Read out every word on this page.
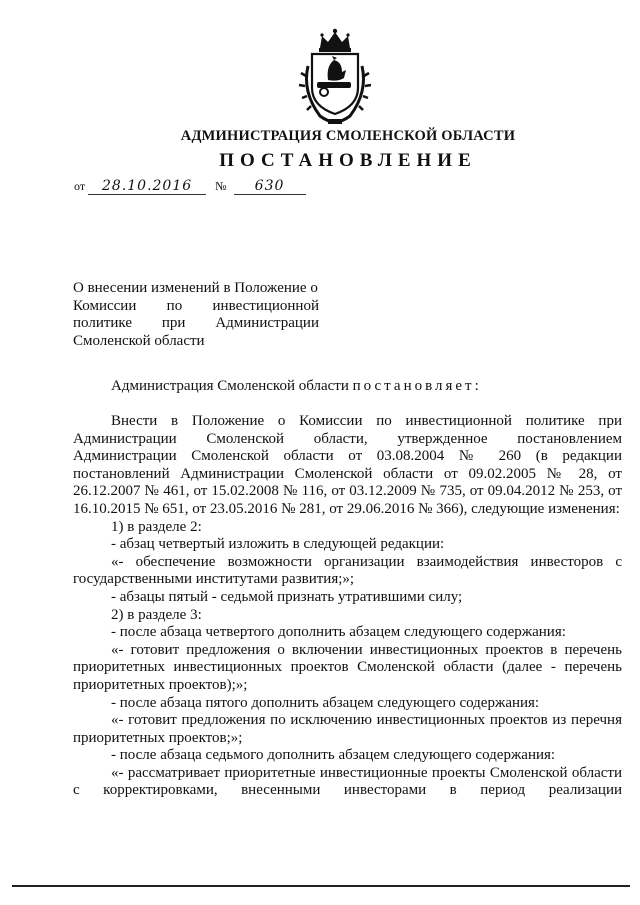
АДМИНИСТРАЦИЯ СМОЛЕНСКОЙ ОБЛАСТИ
ПОСТАНОВЛЕНИЕ
от 28.10.2016 № 630
О внесении изменений в Положение о
Комиссии по инвестиционной
политике при Администрации
Смоленской области
Администрация Смоленской области постановляет:
Внести в Положение о Комиссии по инвестиционной политике при Администрации Смоленской области, утвержденное постановлением Администрации Смоленской области от 03.08.2004 № 260 (в редакции постановлений Администрации Смоленской области от 09.02.2005 № 28, от 26.12.2007 № 461, от 15.02.2008 № 116, от 03.12.2009 № 735, от 09.04.2012 № 253, от 16.10.2015 № 651, от 23.05.2016 № 281, от 29.06.2016 № 366), следующие изменения:
1) в разделе 2:
- абзац четвертый изложить в следующей редакции:
«- обеспечение возможности организации взаимодействия инвесторов с государственными институтами развития;»;
- абзацы пятый - седьмой признать утратившими силу;
2) в разделе 3:
- после абзаца четвертого дополнить абзацем следующего содержания:
«- готовит предложения о включении инвестиционных проектов в перечень приоритетных инвестиционных проектов Смоленской области (далее - перечень приоритетных проектов);»;
- после абзаца пятого дополнить абзацем следующего содержания:
«- готовит предложения по исключению инвестиционных проектов из перечня приоритетных проектов;»;
- после абзаца седьмого дополнить абзацем следующего содержания:
«- рассматривает приоритетные инвестиционные проекты Смоленской области с корректировками, внесенными инвесторами в период реализации
